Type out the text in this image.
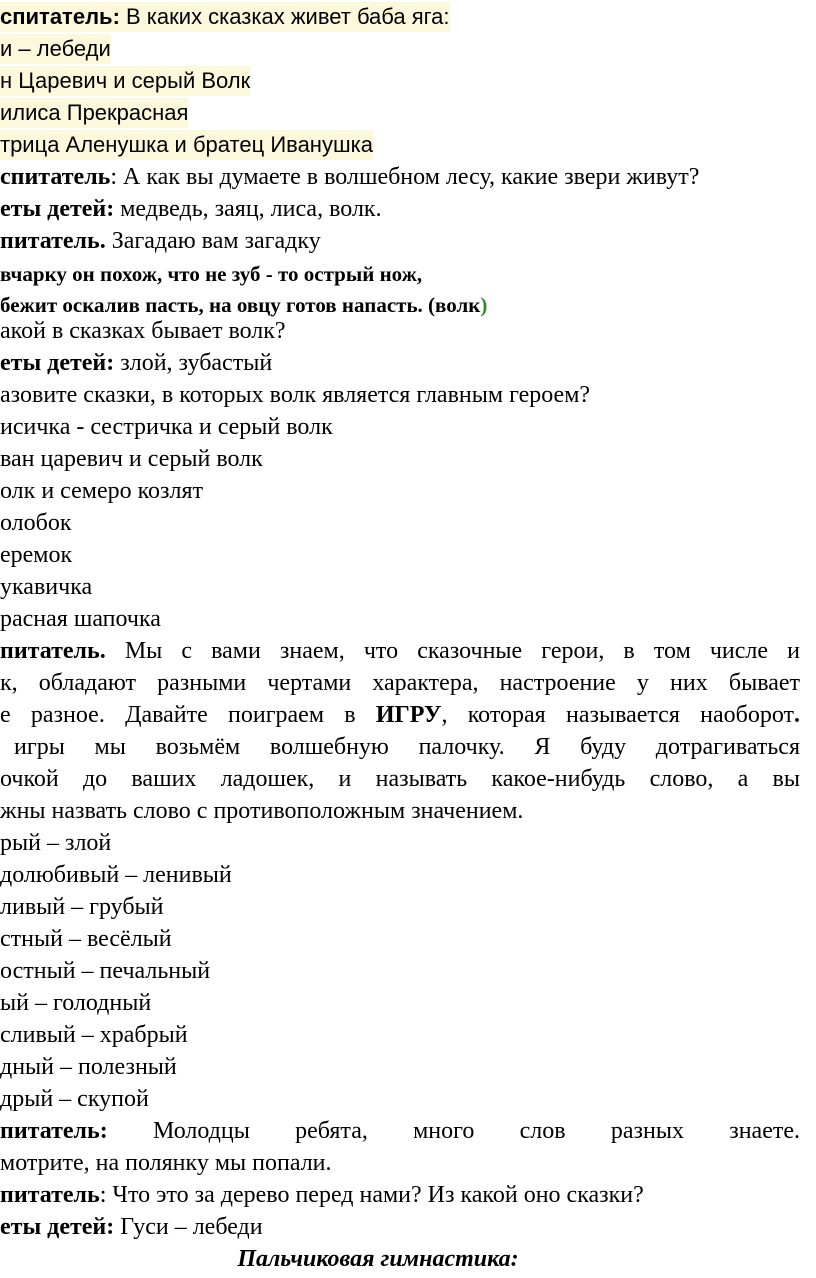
спитатель: В каких сказках живет баба яга:
и – лебеди
н Царевич и серый Волк
илиса Прекрасная
трица Аленушка и братец Иванушка
спитатель: А как вы думаете в волшебном лесу, какие звери живут?
еты детей: медведь, заяц, лиса, волк.
питатель. Загадаю вам загадку
вчарку он похож, что не зуб - то острый нож,
бежит оскалив пасть, на овцу готов напасть. (волк)
акой в сказках бывает волк?
еты детей: злой, зубастый
азовите сказки, в которых волк является главным героем?
исичка - сестричка и серый волк
ван царевич и серый волк
олк и семеро козлят
олобок
еремок
укавичка
расная шапочка
питатель. Мы с вами знаем, что сказочные герои, в том числе и
к, обладают разными чертами характера, настроение у них бывает
е разное. Давайте поиграем в ИГРУ, которая называется наоборот.
игры мы возьмём волшебную палочку. Я буду дотрагиваться
очкой до ваших ладошек, и называть какое-нибудь слово, а вы
жны назвать слово с противоположным значением.
рый – злой
долюбивый – ленивый
ливый – грубый
стный – весёлый
остный – печальный
ый – голодный
сливый – храбрый
дный – полезный
дрый – скупой
питатель: Молодцы ребята, много слов разных знаете.
мотрите, на полянку мы попали.
питатель: Что это за дерево перед нами? Из какой оно сказки?
еты детей: Гуси – лебеди
Пальчиковая гимнастика:
